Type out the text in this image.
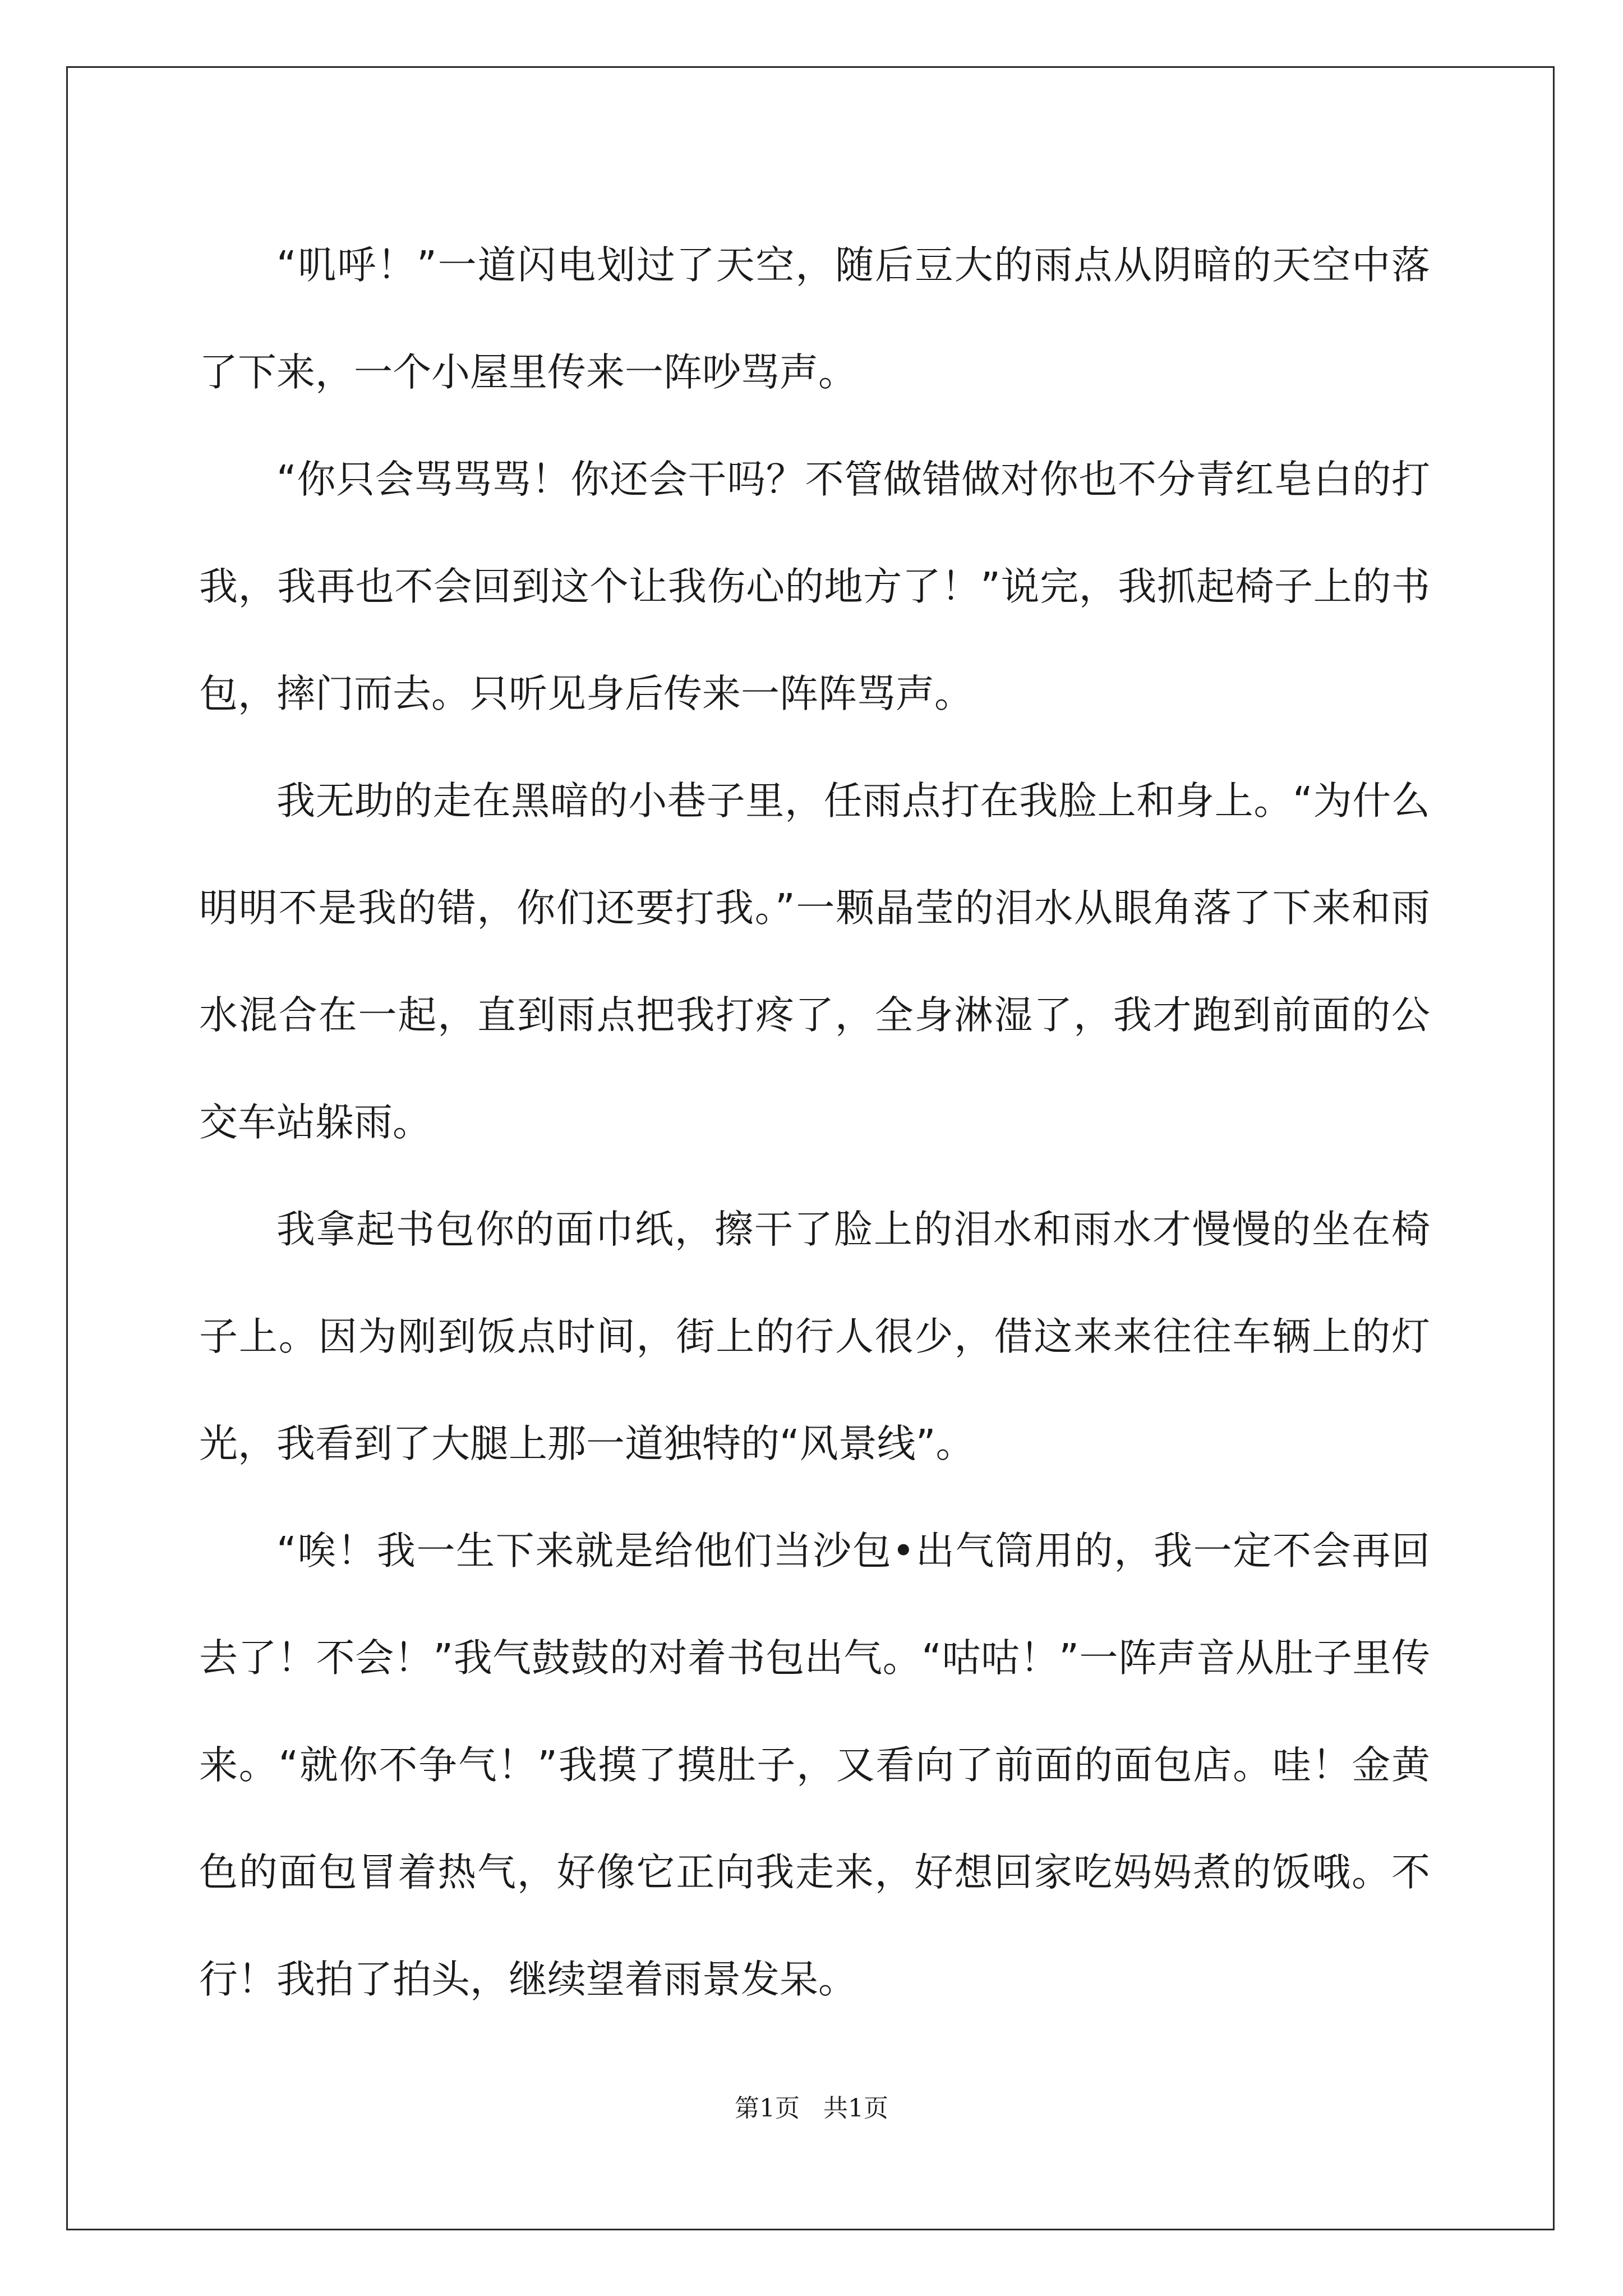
“叽呼！”一道闪电划过了天空，随后豆大的雨点从阴暗的天空中落了下来，一个小屋里传来一阵吵骂声。

“你只会骂骂骂！你还会干吗？不管做错做对你也不分青红皂白的打我，我再也不会回到这个让我伤心的地方了！”说完，我抓起椅子上的书包，摔门而去。只听见身后传来一阵阵骂声。

我无助的走在黑暗的小巷子里，任雨点打在我脸上和身上。“为什么明明不是我的错，你们还要打我。”一颗晶莹的泪水从眼角落了下来和雨水混合在一起，直到雨点把我打疼了，全身淋湿了，我才跑到前面的公交车站躲雨。

我拿起书包你的面巾纸，擦干了脸上的泪水和雨水才慢慢的坐在椅子上。因为刚到饭点时间，街上的行人很少，借这来来往往车辆上的灯光，我看到了大腿上那一道独特的“风景线”。

“唉！我一生下来就是给他们当沙包•出气筒用的，我一定不会再回去了！不会！”我气鼓鼓的对着书包出气。“咕咕！”一阵声音从肚子里传来。“就你不争气！”我摸了摸肚子，又看向了前面的面包店。哇！金黄色的面包冒着热气，好像它正向我走来，好想回家吃妈妈煮的饭哦。不行！我拍了拍头，继续望着雨景发呆。

第1页   共1页
